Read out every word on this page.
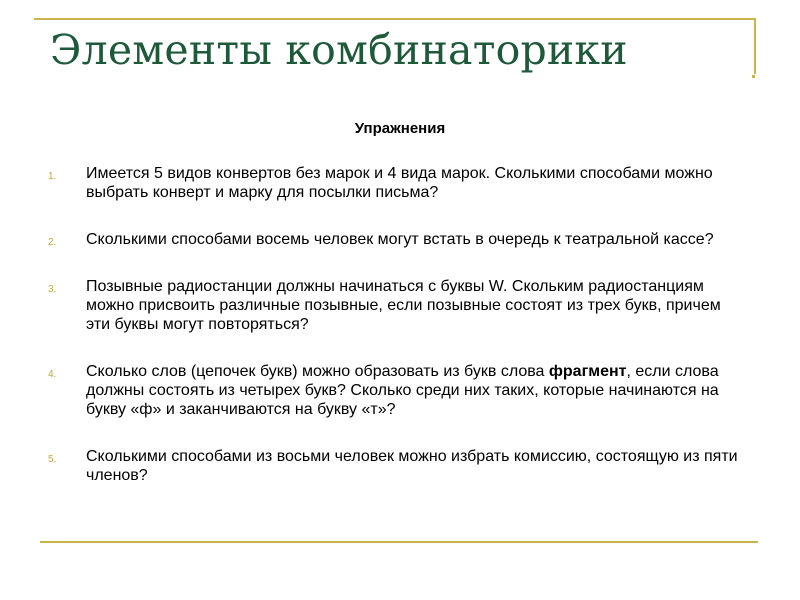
Элементы комбинаторики
Упражнения
1. Имеется 5 видов конвертов без марок и 4 вида марок. Сколькими способами можно выбрать конверт и марку для посылки письма?
2. Сколькими способами восемь человек могут встать в очередь к театральной кассе?
3. Позывные радиостанции должны начинаться с буквы W. Скольким радиостанциям можно присвоить различные позывные, если позывные состоят из трех букв, причем эти буквы могут повторяться?
4. Сколько слов (цепочек букв) можно образовать из букв слова фрагмент, если слова должны состоять из четырех букв? Сколько среди них таких, которые начинаются на букву «ф» и заканчиваются на букву «т»?
5. Сколькими способами из восьми человек можно избрать комиссию, состоящую из пяти членов?
